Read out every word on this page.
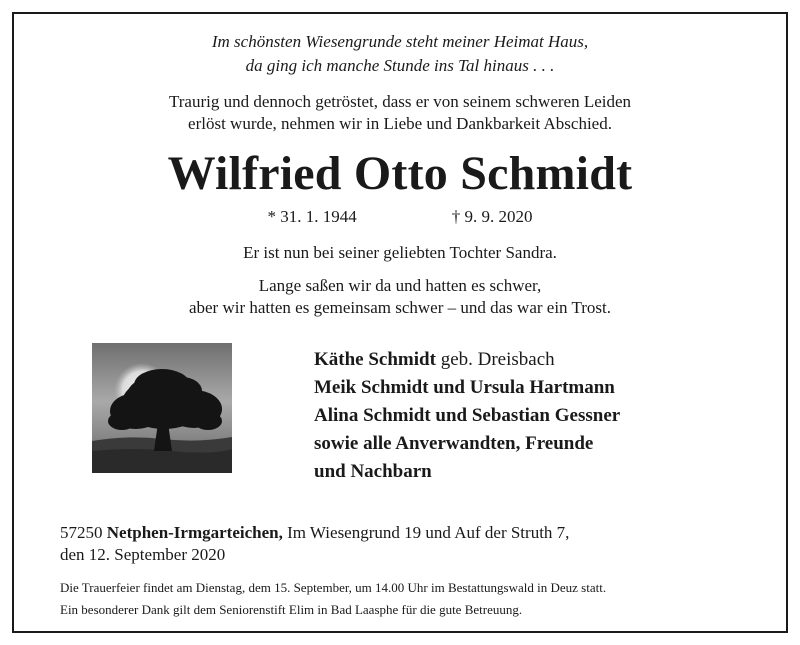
Im schönsten Wiesengrunde steht meiner Heimat Haus,
da ging ich manche Stunde ins Tal hinaus . . .
Traurig und dennoch getröstet, dass er von seinem schweren Leiden
erlöst wurde, nehmen wir in Liebe und Dankbarkeit Abschied.
Wilfried Otto Schmidt
* 31. 1. 1944	† 9. 9. 2020
Er ist nun bei seiner geliebten Tochter Sandra.
Lange saßen wir da und hatten es schwer,
aber wir hatten es gemeinsam schwer – und das war ein Trost.
Käthe Schmidt geb. Dreisbach
Meik Schmidt und Ursula Hartmann
Alina Schmidt und Sebastian Gessner
sowie alle Anverwandten, Freunde
und Nachbarn
57250 Netphen-Irmgarteichen, Im Wiesengrund 19 und Auf der Struth 7,
den 12. September 2020
Die Trauerfeier findet am Dienstag, dem 15. September, um 14.00 Uhr im Bestattungswald in Deuz statt.
Ein besonderer Dank gilt dem Seniorenstift Elim in Bad Laasphe für die gute Betreuung.
